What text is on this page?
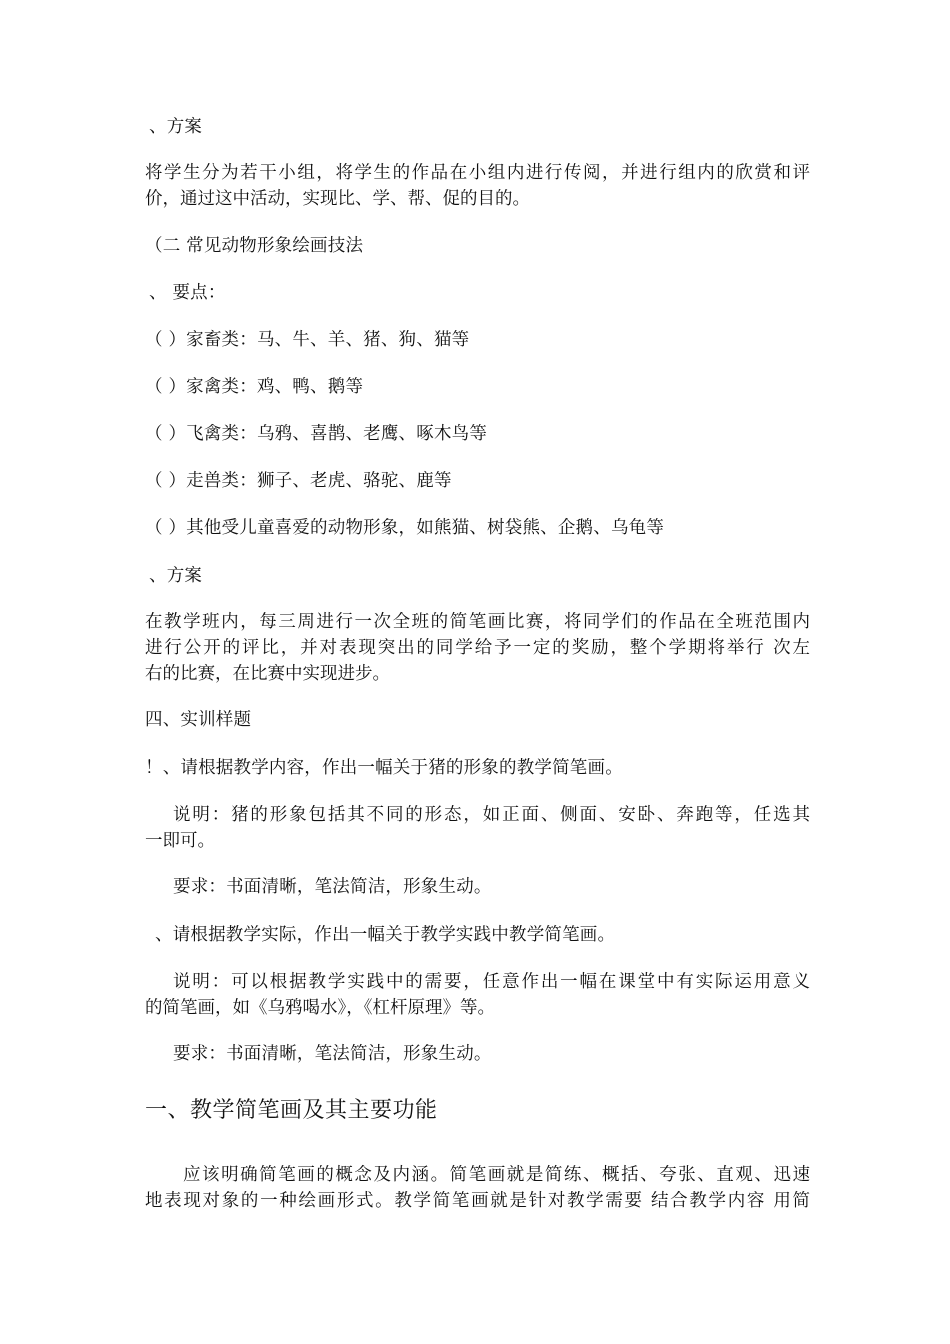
、方案
将学生分为若干小组，将学生的作品在小组内进行传阅，并进行组内的欣赏和评
价，通过这中活动，实现比、学、帮、促的目的。
（二 常见动物形象绘画技法
、 要点：
（ ）家畜类：马、牛、羊、猪、狗、猫等
（ ）家禽类：鸡、鸭、鹅等
（ ）飞禽类：乌鸦、喜鹊、老鹰、啄木鸟等
（ ）走兽类：狮子、老虎、骆驼、鹿等
（ ）其他受儿童喜爱的动物形象，如熊猫、树袋熊、企鹅、乌龟等
、方案
在教学班内，每三周进行一次全班的简笔画比赛，将同学们的作品在全班范围内
进行公开的评比，并对表现突出的同学给予一定的奖励，整个学期将举行 次左
右的比赛，在比赛中实现进步。
四、实训样题
！、请根据教学内容，作出一幅关于猪的形象的教学简笔画。
说明：猪的形象包括其不同的形态，如正面、侧面、安卧、奔跑等，任选其
一即可。
要求：书面清晰，笔法简洁，形象生动。
、请根据教学实际，作出一幅关于教学实践中教学简笔画。
说明：可以根据教学实践中的需要，任意作出一幅在课堂中有实际运用意义
的简笔画，如《乌鸦喝水》，《杠杆原理》等。
要求：书面清晰，笔法简洁，形象生动。
一、教学简笔画及其主要功能
应该明确简笔画的概念及内涵。简笔画就是简练、概括、夸张、直观、迅速
地表现对象的一种绘画形式。教学简笔画就是针对教学需要 结合教学内容 用简
